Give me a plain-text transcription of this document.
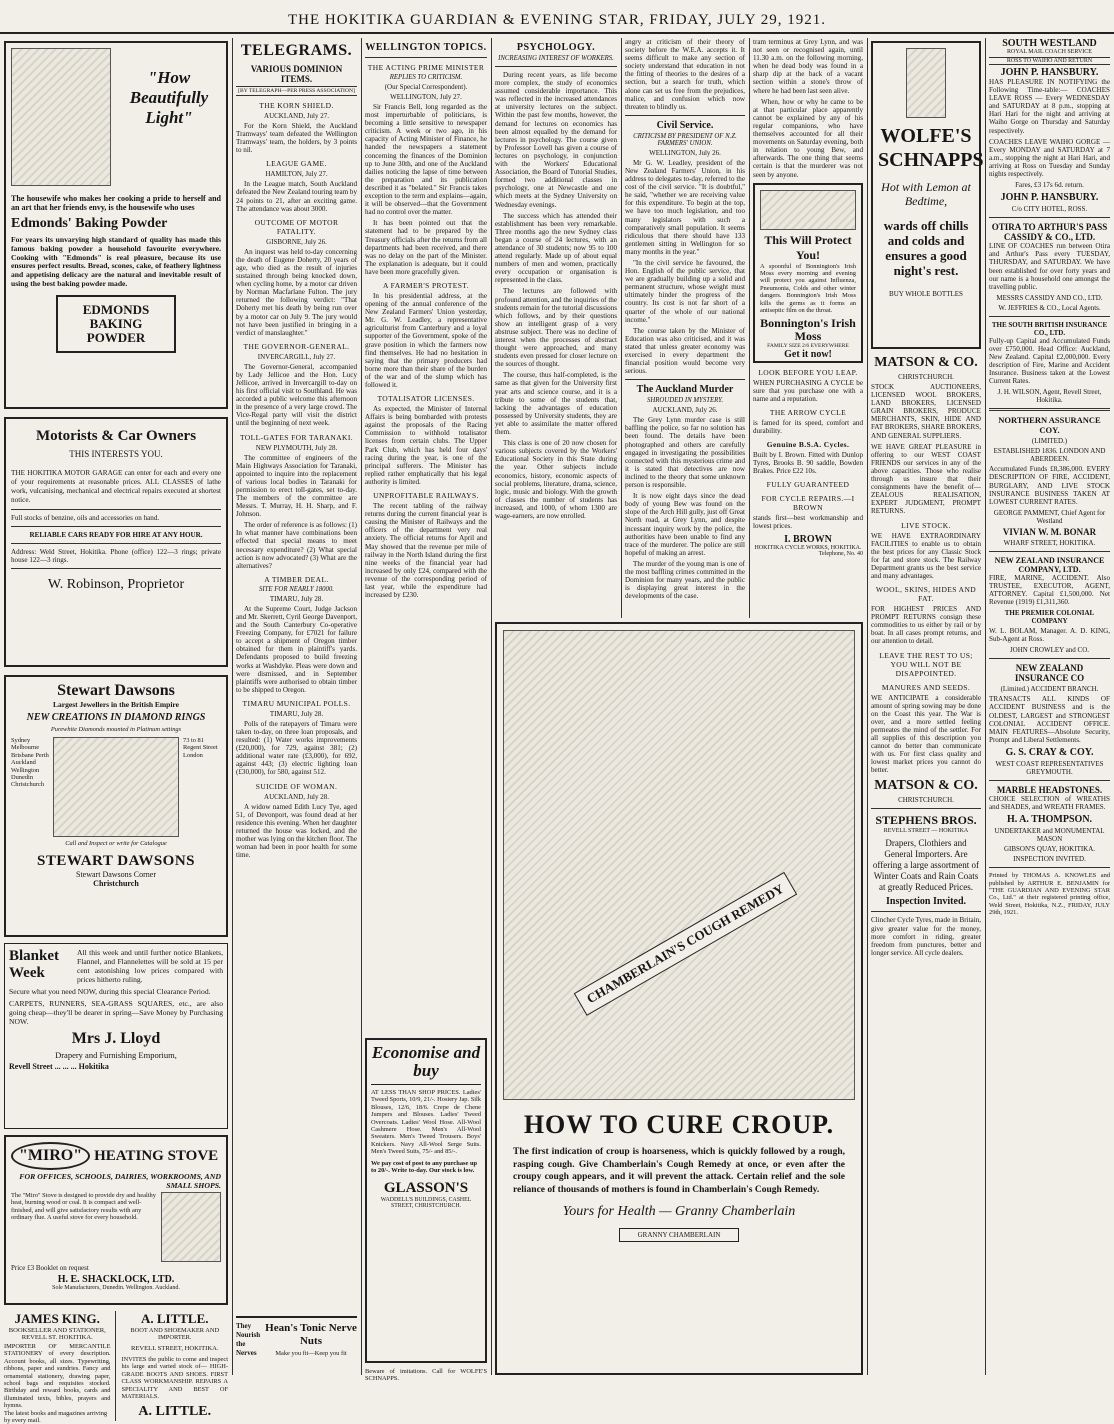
THE HOKITIKA GUARDIAN & EVENING STAR, FRIDAY, JULY 29, 1921.
"How Beautifully Light"
The housewife who makes her cooking a pride to herself and an art that her friends envy, is the housewife who uses
Edmonds' Baking Powder
For years its unvarying high standard of quality has made this famous baking powder a household favourite everywhere. Cooking with "Edmonds" is real pleasure, because its use ensures perfect results. Bread, scones, cake, of feathery lightness and appetising delicacy are the natural and inevitable result of using the best baking powder made.
EDMONDS BAKING POWDER
Motorists & Car Owners
THIS INTERESTS YOU.
THE HOKITIKA MOTOR GARAGE can enter for each and every one of your requirements at reasonable prices. ALL CLASSES of lathe work, vulcanising, mechanical and electrical repairs executed at shortest notice.
Full stocks of benzine, oils and accessories on hand.
RELIABLE CARS READY FOR HIRE AT ANY HOUR.
Address: Weld Street, Hokitika. Phone (office) 122—3 rings; private house 122—3 rings.
W. Robinson, Proprietor
Stewart Dawsons
Largest Jewellers in the British Empire
NEW CREATIONS IN DIAMOND RINGS
Purewhite Diamonds mounted in Platinum settings
Sydney Melbourne Brisbane Perth Auckland Wellington Dunedin Christchurch
73 to 81 Regent Street London
Call and Inspect or write for Catalogue
STEWART DAWSONS
Stewart Dawsons Corner
Christchurch
Blanket Week
All this week and until further notice Blankets, Flannel, and Flannelettes will be sold at 15 per cent astonishing low prices compared with prices hitherto ruling.
Secure what you need NOW, during this special Clearance Period.
CARPETS, RUNNERS, SEA-GRASS SQUARES, etc., are also going cheap—they'll be dearer in spring—Save Money by Purchasing NOW.
Mrs J. Lloyd
Drapery and Furnishing Emporium,
Revell Street ... ... ... Hokitika
"MIRO" HEATING STOVE
FOR OFFICES, SCHOOLS, DAIRIES, WORKROOMS, AND SMALL SHOPS.
The "Miro" Stove is designed to provide dry and healthy heat, burning wood or coal. It is compact and well-finished, and will give satisfactory results with any ordinary flue. A useful stove for every household.
Price £3 Booklet on request
H. E. SHACKLOCK, LTD.
Sole Manufacturers, Dunedin. Wellington. Auckland.
JAMES KING.
BOOKSELLER AND STATIONER,
REVELL ST. HOKITIKA.
IMPORTER OF MERCANTILE STATIONERY of every description. Account books, all sizes. Typewriting, ribbons, paper and sundries. Fancy and ornamental stationery, drawing paper, school bags and requisites stocked. Birthday and reward books, cards and illuminated texts, bibles, prayers and hymns.
The latest books and magazines arriving by every mail.
A. LITTLE.
BOOT AND SHOEMAKER AND IMPORTER.
REVELL STREET, HOKITIKA.
INVITES the public to come and inspect his large and varied stock of— HIGH-GRADE BOOTS AND SHOES. FIRST CLASS WORKMANSHIP. REPAIRS A SPECIALITY AND BEST OF MATERIALS.
A. LITTLE.
TELEGRAMS.
VARIOUS DOMINION ITEMS.
[BY TELEGRAPH—PER PRESS ASSOCIATION]
THE KORN SHIELD.
AUCKLAND, July 27.
For the Korn Shield, the Auckland Tramways' team defeated the Wellington Tramways' team, the holders, by 3 points to nil.
LEAGUE GAME.
HAMILTON, July 27.
In the League match, South Auckland defeated the New Zealand touring team by 24 points to 21, after an exciting game. The attendance was about 3000.
OUTCOME OF MOTOR FATALITY.
GISBORNE, July 26.
An inquest was held to-day concerning the death of Eugene Doherty, 20 years of age, who died as the result of injuries sustained through being knocked down, when cycling home, by a motor car driven by Norman Macfarlane Fulton. The jury returned the following verdict: "That Doherty met his death by being run over by a motor car on July 9. The jury would not have been justified in bringing in a verdict of manslaughter."
THE GOVERNOR-GENERAL.
INVERCARGILL, July 27.
The Governor-General, accompanied by Lady Jellicoe and the Hon. Lucy Jellicoe, arrived in Invercargill to-day on his first official visit to Southland. He was accorded a public welcome this afternoon in the presence of a very large crowd. The Vice-Regal party will visit the district until the beginning of next week.
TOLL-GATES FOR TARANAKI.
NEW PLYMOUTH, July 28.
The committee of engineers of the Main Highways Association for Taranaki, appointed to inquire into the replacement of various local bodies in Taranaki for permission to erect toll-gates, set to-day. The members of the committee are Messrs. T. Murray, H. H. Sharp, and F. Johnson.
The order of reference is as follows: (1) In what manner have combinations been effected that special means to meet necessary expenditure? (2) What special action is now advocated? (3) What are the alternatives?
A TIMBER DEAL.
SITE FOR NEARLY 18000.
TIMARU, July 28.
At the Supreme Court, Judge Jackson and Mr. Skerrett, Cyril George Davenport, and the South Canterbury Co-operative Freezing Company, for £7021 for failure to accept a shipment of Oregon timber obtained for them in plaintiff's yards. Defendants proposed to build freezing works at Washdyke. Pleas were down and were dismissed, and in September plaintiffs were authorised to obtain timber to be shipped to Oregon.
TIMARU MUNICIPAL POLLS.
TIMARU, July 28.
Polls of the ratepayers of Timaru were taken to-day, on three loan proposals, and resulted: (1) Water works improvements (£20,000), for 729, against 381; (2) additional water rate (£3,000), for 692, against 443; (3) electric lighting loan (£30,000), for 580, against 512.
SUICIDE OF WOMAN.
AUCKLAND, July 28.
A widow named Edith Lucy Tye, aged 51, of Devonport, was found dead at her residence this evening. When her daughter returned the house was locked, and the mother was lying on the kitchen floor. The woman had been in poor health for some time.
They Nourish the Nerves
Hean's Tonic Nerve Nuts
Make you fit—Keep you fit
WELLINGTON TOPICS.
THE ACTING PRIME MINISTER
REPLIES TO CRITICISM.
(Our Special Correspondent).
WELLINGTON, July 27.
Sir Francis Bell, long regarded as the most imperturbable of politicians, is becoming a little sensitive to newspaper criticism. A week or two ago, in his capacity of Acting Minister of Finance, he handed the newspapers a statement concerning the finances of the Dominion up to June 30th, and one of the Auckland dailies noticing the lapse of time between the preparation and its publication described it as "belated." Sir Francis takes exception to the term and explains—again, it will be observed—that the Government had no control over the matter.
It has been pointed out that the statement had to be prepared by the Treasury officials after the returns from all departments had been received, and there was no delay on the part of the Minister. The explanation is adequate, but it could have been more gracefully given.
A FARMER'S PROTEST.
In his presidential address, at the opening of the annual conference of the New Zealand Farmers' Union yesterday, Mr. G. W. Leadley, a representative agriculturist from Canterbury and a loyal supporter of the Government, spoke of the grave position in which the farmers now find themselves. He had no hesitation in saying that the primary producers had borne more than their share of the burden of the war and of the slump which has followed it.
TOTALISATOR LICENSES.
As expected, the Minister of Internal Affairs is being bombarded with protests against the proposals of the Racing Commission to withhold totalisator licenses from certain clubs. The Upper Park Club, which has held four days' racing during the year, is one of the principal sufferers. The Minister has replied rather emphatically that his legal authority is limited.
UNPROFITABLE RAILWAYS.
The recent tabling of the railway returns during the current financial year is causing the Minister of Railways and the officers of the department very real anxiety. The official returns for April and May showed that the revenue per mile of railway in the North Island during the first nine weeks of the financial year had increased by only £24, compared with the revenue of the corresponding period of last year, while the expenditure had increased by £230.
Economise and buy
AT LESS THAN SHOP PRICES. Ladies' Tweed Sports, 10/9, 21/-. Hosiery Jap. Silk Blouses, 12/6, 18/6. Crepe de Chene Jumpers and Blouses. Ladies' Tweed Overcoats. Ladies' Wool Hose. All-Wool Cashmere Hose. Men's All-Wool Sweaters. Men's Tweed Trousers. Boys' Knickers. Navy All-Wool Serge Suits. Men's Tweed Suits, 75/- and 85/-.
We pay cost of post to any purchase up to 20/-. Write to-day. Our stock is low.
GLASSON'S
WADDELL'S BUILDINGS, CASHEL STREET, CHRISTCHURCH.
Beware of imitations. Call for WOLFE'S SCHNAPPS.
PSYCHOLOGY.
INCREASING INTEREST OF WORKERS.
During recent years, as life become more complex, the study of economics assumed considerable importance. This was reflected in the increased attendances at university lectures on the subject. Within the past few months, however, the demand for lectures on economics has been almost equalled by the demand for lectures in psychology. The course given by Professor Lovell has given a course of lectures on psychology, in conjunction with the Workers' Educational Association, the Board of Tutorial Studies, formed two additional classes in psychology, one at Newcastle and one which meets at the Sydney University on Wednesday evenings.
The success which has attended their establishment has been very remarkable. Three months ago the new Sydney class began a course of 24 lectures, with an attendance of 30 students; now 95 to 100 attend regularly. Made up of about equal numbers of men and women, practically every occupation or organisation is represented in the class.
The lectures are followed with profound attention, and the inquiries of the students remain for the tutorial discussions which follows, and by their questions show an intelligent grasp of a very abstruse subject. There was no decline of interest when the processes of abstract thought were approached, and many students even pressed for closer lecture on the sources of thought.
The course, thus half-completed, is the same as that given for the University first year arts and science course, and it is a tribute to some of the students that, lacking the advantages of education possessed by University students, they are yet able to assimilate the matter offered them.
This class is one of 20 now chosen for various subjects covered by the Workers' Educational Society in this State during the year. Other subjects include economics, history, economic aspects of social problems, literature, drama, science, logic, music and biology. With the growth of classes the number of students has increased, and 1000, of whom 1300 are wage-earners, are now enrolled.
angry at criticism of their theory of society before the W.E.A. accepts it. It seems difficult to make any section of society understand that education in not the fitting of theories to the desires of a section, but a search for truth, which alone can set us free from the prejudices, malice, and confusion which now threaten to blindly us.
Civil Service.
CRITICISM BY PRESIDENT OF N.Z. FARMERS' UNION.
WELLINGTON, July 26.
Mr G. W. Leadley, president of the New Zealand Farmers' Union, in his address to delegates to-day, referred to the cost of the civil service. "It is doubtful," he said, "whether we are receiving value for this expenditure. To begin at the top, we have too much legislation, and too many legislators with such a comparatively small population. It seems ridiculous that there should have 133 gentlemen sitting in Wellington for so many months in the year."
"In the civil service he favoured, the Hon. English of the public service, that we are gradually building up a solid and permanent structure, whose weight must ultimately hinder the progress of the country. Its cost is not far short of a quarter of the whole of our national income."
The course taken by the Minister of Education was also criticised, and it was stated that unless greater economy was exercised in every department the financial position would become very serious.
The Auckland Murder
SHROUDED IN MYSTERY.
AUCKLAND, July 26.
The Grey Lynn murder case is still baffling the police, so far no solution has been found. The details have been photographed and others are carefully engaged in investigating the possibilities connected with this mysterious crime and it is stated that detectives are now inclined to the theory that some unknown person is responsible.
It is now eight days since the dead body of young Bew was found on the slope of the Arch Hill gully, just off Great North road, at Grey Lynn, and despite incessant inquiry work by the police, the authorities have been unable to find any trace of the murderer. The police are still hopeful of making an arrest.
The murder of the young man is one of the most baffling crimes committed in the Dominion for many years, and the public is displaying great interest in the developments of the case.
tram terminus at Grey Lynn, and was not seen or recognised again, until 11.30 a.m. on the following morning, when he dead body was found in a sharp dip at the back of a vacant section within a stone's throw of where he had been last seen alive.
When, how or why he came to be at that particular place apparently cannot be explained by any of his regular companions, who have themselves accounted for all their movements on Saturday evening, both in relation to young Bew, and afterwards. The one thing that seems certain is that the murderer was not seen by anyone.
This Will Protect You!
A spoonful of Bonnington's Irish Moss every morning and evening will protect you against Influenza, Pneumonia, Colds and other winter dangers. Bonnington's Irish Moss kills the germs as it forms an antiseptic film on the throat.
Bonnington's Irish Moss
FAMILY SIZE 2/6 EVERYWHERE
Get it now!
LOOK BEFORE YOU LEAP.
WHEN PURCHASING A CYCLE be sure that you purchase one with a name and a reputation.
THE ARROW CYCLE
is famed for its speed, comfort and durability.
Genuine B.S.A. Cycles.
Built by I. Brown. Fitted with Dunlop Tyres, Brooks B. 90 saddle, Bowden Brakes. Price £22 10s.
FULLY GUARANTEED
FOR CYCLE REPAIRS.—I BROWN
stands first—best workmanship and lowest prices.
I. BROWN
HOKITIKA CYCLE WORKS, HOKITIKA.
Telephone, No. 40
CHAMBERLAIN'S COUGH REMEDY
HOW TO CURE CROUP.
The first indication of croup is hoarseness, which is quickly followed by a rough, rasping cough. Give Chamberlain's Cough Remedy at once, or even after the croupy cough appears, and it will prevent the attack. Certain relief and the sole reliance of thousands of mothers is found in Chamberlain's Cough Remedy.
Yours for Health — Granny Chamberlain
GRANNY CHAMBERLAIN
WOLFE'S SCHNAPPS
Hot with Lemon at Bedtime,
wards off chills and colds and ensures a good night's rest.
BUY WHOLE BOTTLES
MATSON & CO.
CHRISTCHURCH.
STOCK AUCTIONEERS, LICENSED WOOL BROKERS, LAND BROKERS, LICENSED GRAIN BROKERS, PRODUCE MERCHANTS, SKIN, HIDE AND FAT BROKERS, SHARE BROKERS, AND GENERAL SUPPLIERS.
WE HAVE GREAT PLEASURE in offering to our WEST COAST FRIENDS our services in any of the above capacities. Those who realise through us insure that their consignments have the benefit of—ZEALOUS REALISATION, EXPERT JUDGMENT, PROMPT RETURNS.
LIVE STOCK.
WE HAVE EXTRAORDINARY FACILITIES to enable us to obtain the best prices for any Classic Stock for fat and store stock. The Railway Department grants us the best service and many advantages.
WOOL, SKINS, HIDES AND FAT.
FOR HIGHEST PRICES AND PROMPT RETURNS consign these commodities to us either by rail or by boat. In all cases prompt returns, and our attention to detail.
LEAVE THE REST TO US; YOU WILL NOT BE DISAPPOINTED.
MANURES AND SEEDS.
WE ANTICIPATE a considerable amount of spring sowing may be done on the Coast this year. The War is over, and a more settled feeling permeates the mind of the settler. For all supplies of this description you cannot do better than communicate with us. For first class quality and lowest market prices you cannot do better.
MATSON & CO.
CHRISTCHURCH.
STEPHENS BROS.
REVELL STREET — HOKITIKA
Drapers, Clothiers and General Importers. Are offering a large assortment of Winter Coats and Rain Coats at greatly Reduced Prices.
Inspection Invited.
Clincher Cycle Tyres, made in Britain, give greater value for the money, more comfort in riding, greater freedom from punctures, better and longer service. All cycle dealers.
SOUTH WESTLAND
ROYAL MAIL COACH SERVICE
ROSS TO WAIHO AND RETURN
JOHN P. HANSBURY.
HAS PLEASURE IN NOTIFYING the Following Time-table:— COACHES LEAVE ROSS — Every WEDNESDAY and SATURDAY at 8 p.m., stopping at Hari Hari for the night and arriving at Waiho Gorge on Thursday and Saturday respectively.
COACHES LEAVE WAIHO GORGE — Every MONDAY and SATURDAY at 7 a.m., stopping the night at Hari Hari, and arriving at Ross on Tuesday and Sunday nights respectively.
Fares, £3 17s 6d. return.
JOHN P. HANSBURY.
C/o CITY HOTEL, ROSS.
OTIRA TO ARTHUR'S PASS CASSIDY & CO., LTD.
LINE OF COACHES run between Otira and Arthur's Pass every TUESDAY, THURSDAY, and SATURDAY. We have been established for over forty years and our name is a household one amongst the travelling public.
MESSRS CASSIDY AND CO., LTD.
W. JEFFRIES & CO., Local Agents.
THE SOUTH BRITISH INSURANCE CO., LTD.
Fully-up Capital and Accumulated Funds over £750,000. Head Office: Auckland, New Zealand. Capital £2,000,000. Every description of Fire, Marine and Accident Insurance. Business taken at the Lowest Current Rates.
J. H. WILSON, Agent, Revell Street, Hokitika.
NORTHERN ASSURANCE COY.
(LIMITED.)
ESTABLISHED 1836. LONDON AND ABERDEEN.
Accumulated Funds £8,386,000. EVERY DESCRIPTION OF FIRE, ACCIDENT, BURGLARY, AND LIVE STOCK INSURANCE BUSINESS TAKEN AT LOWEST CURRENT RATES.
GEORGE PAMMENT, Chief Agent for Westland
VIVIAN W. M. BONAR
WHARF STREET, HOKITIKA.
NEW ZEALAND INSURANCE COMPANY, LTD.
FIRE, MARINE, ACCIDENT. Also TRUSTEE, EXECUTOR, AGENT, ATTORNEY. Capital £1,500,000. Net Revenue (1919) £1,311,360.
THE PREMIER COLONIAL COMPANY
W. L. BOLAM, Manager. A. D. KING, Sub-Agent at Ross.
JOHN CROWLEY and CO.
NEW ZEALAND INSURANCE CO
(Limited.) ACCIDENT BRANCH.
TRANSACTS ALL KINDS OF ACCIDENT BUSINESS and is the OLDEST, LARGEST and STRONGEST COLONIAL ACCIDENT OFFICE. MAIN FEATURES—Absolute Security, Prompt and Liberal Settlements.
G. S. CRAY & COY.
WEST COAST REPRESENTATIVES GREYMOUTH.
MARBLE HEADSTONES.
CHOICE SELECTION of WREATHS and SHADES, and WREATH FRAMES.
H. A. THOMPSON.
UNDERTAKER and MONUMENTAL MASON
GIBSON'S QUAY, HOKITIKA.
INSPECTION INVITED.
Printed by THOMAS A. KNOWLES and published by ARTHUR E. BENJAMIN for "THE GUARDIAN AND EVENING STAR Co., Ltd." at their registered printing office, Weld Street, Hokitika, N.Z., FRIDAY, JULY 29th, 1921.
